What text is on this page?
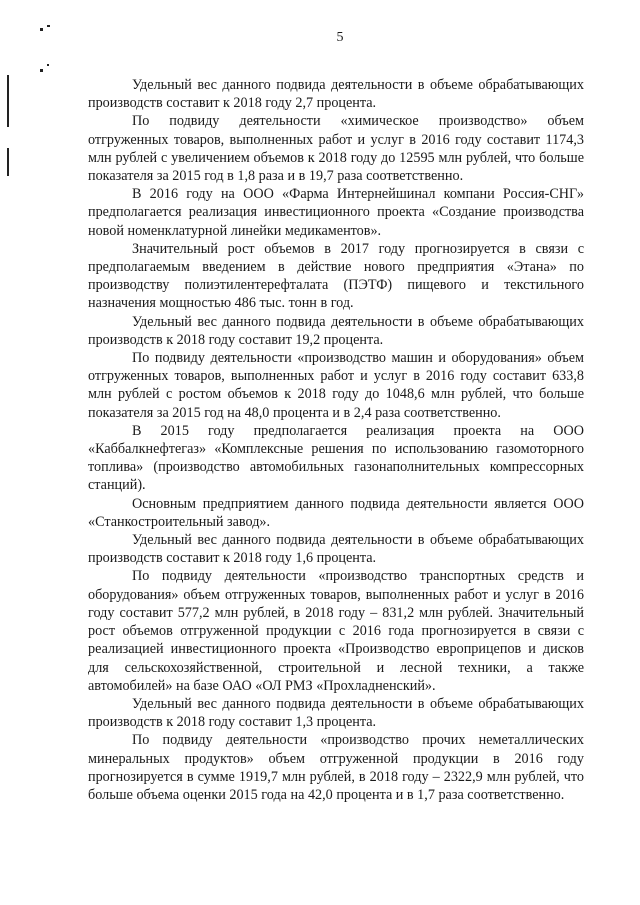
5

Удельный вес данного подвида деятельности в объеме обрабатывающих производств составит к 2018 году 2,7 процента.

По подвиду деятельности «химическое производство» объем отгруженных товаров, выполненных работ и услуг в 2016 году составит 1174,3 млн рублей с увеличением объемов к 2018 году до 12595 млн рублей, что больше показателя за 2015 год в 1,8 раза и в 19,7 раза соответственно.

В 2016 году на ООО «Фарма Интернейшинал компани Россия-СНГ» предполагается реализация инвестиционного проекта «Создание производства новой номенклатурной линейки медикаментов».

Значительный рост объемов в 2017 году прогнозируется в связи с предполагаемым введением в действие нового предприятия «Этана» по производству полиэтилентерефталата (ПЭТФ) пищевого и текстильного назначения мощностью 486 тыс. тонн в год.

Удельный вес данного подвида деятельности в объеме обрабатывающих производств к 2018 году составит 19,2 процента.

По подвиду деятельности «производство машин и оборудования» объем отгруженных товаров, выполненных работ и услуг в 2016 году составит 633,8 млн рублей с ростом объемов к 2018 году до 1048,6 млн рублей, что больше показателя за 2015 год на 48,0 процента и в 2,4 раза соответственно.

В 2015 году предполагается реализация проекта на ООО «Каббалкнефтегаз» «Комплексные решения по использованию газомоторного топлива» (производство автомобильных газонаполнительных компрессорных станций).

Основным предприятием данного подвида деятельности является ООО «Станкостроительный завод».

Удельный вес данного подвида деятельности в объеме обрабатывающих производств составит к 2018 году 1,6 процента.

По подвиду деятельности «производство транспортных средств и оборудования» объем отгруженных товаров, выполненных работ и услуг в 2016 году составит 577,2 млн рублей, в 2018 году – 831,2 млн рублей. Значительный рост объемов отгруженной продукции с 2016 года прогнозируется в связи с реализацией инвестиционного проекта «Производство европрицепов и дисков для сельскохозяйственной, строительной и лесной техники, а также автомобилей» на базе ОАО «ОЛ РМЗ «Прохладненский».

Удельный вес данного подвида деятельности в объеме обрабатывающих производств к 2018 году составит 1,3 процента.

По подвиду деятельности «производство прочих неметаллических минеральных продуктов» объем отгруженной продукции в 2016 году прогнозируется в сумме 1919,7 млн рублей, в 2018 году – 2322,9 млн рублей, что больше объема оценки 2015 года на 42,0 процента и в 1,7 раза соответственно.
